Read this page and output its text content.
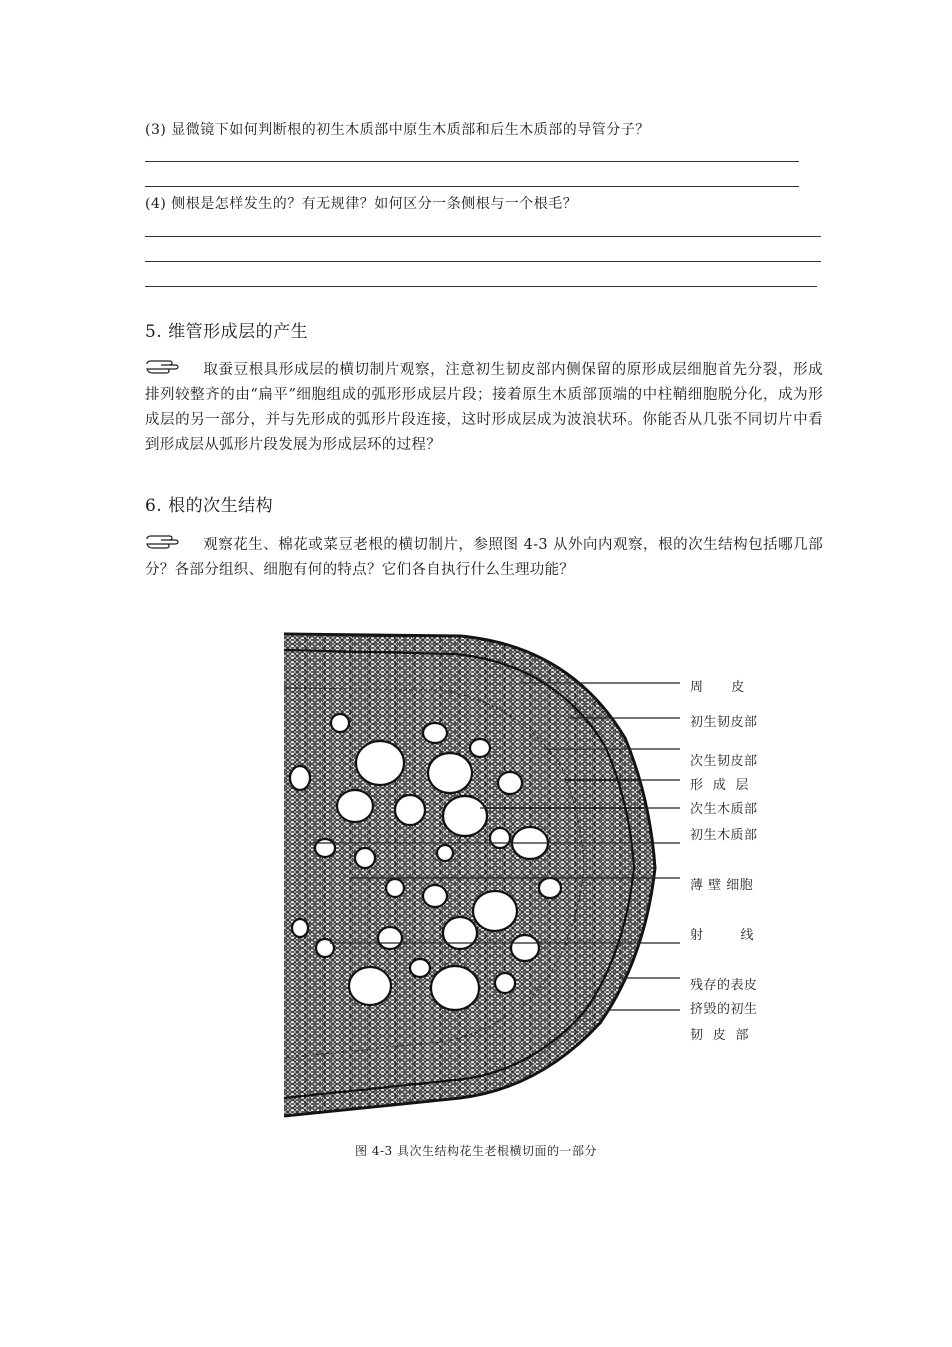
(3) 显微镜下如何判断根的初生木质部中原生木质部和后生木质部的导管分子？
(4) 侧根是怎样发生的？有无规律？如何区分一条侧根与一个根毛？
5. 维管形成层的产生
取蚕豆根具形成层的横切制片观察，注意初生韧皮部内侧保留的原形成层细胞首先分裂，形成排列较整齐的由“扁平”细胞组成的弧形形成层片段；接着原生木质部顶端的中柱鞘细胞脱分化，成为形成层的另一部分，并与先形成的弧形片段连接，这时形成层成为波浪状环。你能否从几张不同切片中看到形成层从弧形片段发展为形成层环的过程？
6. 根的次生结构
观察花生、棉花或菜豆老根的横切制片，参照图 4-3 从外向内观察，根的次生结构包括哪几部分？各部分组织、细胞有何的特点？它们各自执行什么生理功能？
周      皮
初生韧皮部
次生韧皮部
形  成  层
次生木质部
初生木质部
薄 壁 细胞
射        线
残存的表皮
挤毁的初生
韧  皮  部
图 4-3 具次生结构花生老根横切面的一部分
